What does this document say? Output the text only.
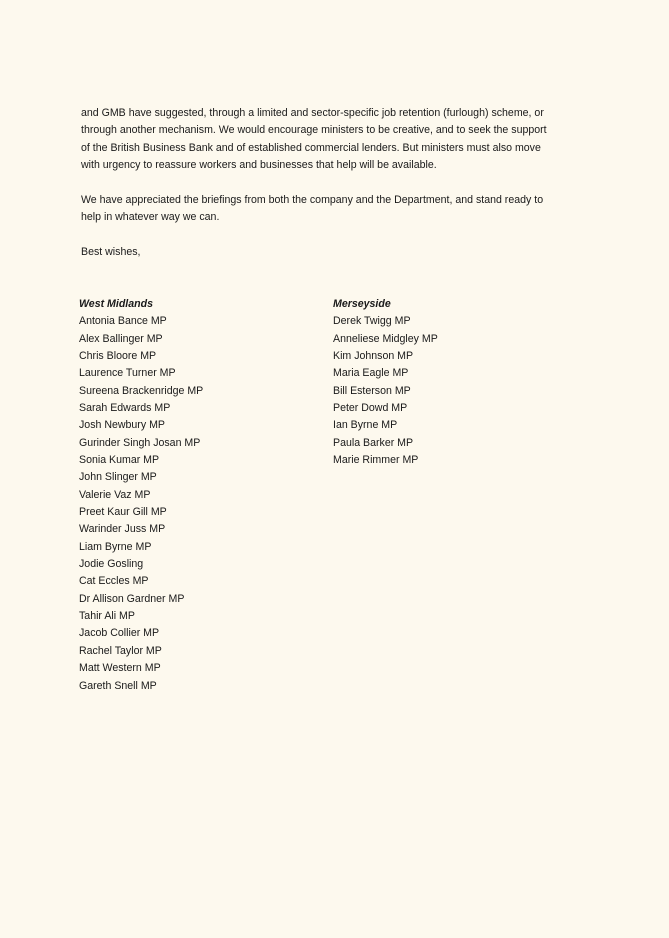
and GMB have suggested, through a limited and sector-specific job retention (furlough) scheme, or
through another mechanism. We would encourage ministers to be creative, and to seek the support
of the British Business Bank and of established commercial lenders. But ministers must also move
with urgency to reassure workers and businesses that help will be available.

We have appreciated the briefings from both the company and the Department, and stand ready to
help in whatever way we can.

Best wishes,

West Midlands

Antonia Bance MP
Alex Ballinger MP
Chris Bloore MP
Laurence Turner MP
Sureena Brackenridge MP
Sarah Edwards MP
Josh Newbury MP
Gurinder Singh Josan MP
Sonia Kumar MP
John Slinger MP
Valerie Vaz MP
Preet Kaur Gill MP
Warinder Juss MP
Liam Byrne MP
Jodie Gosling
Cat Eccles MP
Dr Allison Gardner MP
Tahir Ali MP
Jacob Collier MP
Rachel Taylor MP
Matt Western MP
Gareth Snell MP

Merseyside

Derek Twigg MP
Anneliese Midgley MP
Kim Johnson MP
Maria Eagle MP
Bill Esterson MP
Peter Dowd MP
Ian Byrne MP
Paula Barker MP
Marie Rimmer MP
